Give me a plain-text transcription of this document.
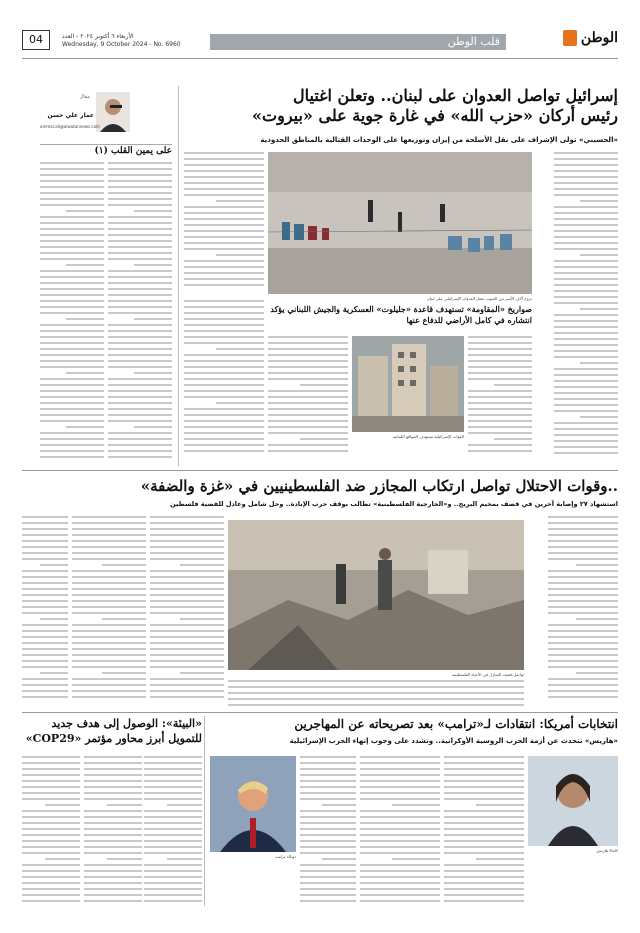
الوطن
قلب الوطن
الأربعاء ٦ أكتوبر ٢٠٢٤ - العدد
Wednesday, 9 October 2024 - No. 6960
04
إسرائيل تواصل العدوان على لبنان.. وتعلن اغتيال
رئيس أركان «حزب الله» في غارة جوية على «بيروت»
«الحسيني» تولى الإشراف على نقل الأسلحة من إيران وتوزيعها على الوحدات القتالية بالمناطق الحدودية
مقال
عمار علي حسن
ammar.ali@alwatannews.com
على يمين القلب (١)
نزوح آلاف الأسر من الجنوب بفعل العدوان الإسرائيلي على لبنان
صواريخ «المقاومة» تستهدف قاعدة «جليلوت» العسكرية والجيش اللبناني يؤكد انتشاره في كامل الأراضي للدفاع عنها
القوات الإسرائيلية تستهدف المواقع اللبنانية
..وقوات الاحتلال تواصل ارتكاب المجازر ضد الفلسطينيين في «غزة والضفة»
استشهاد ٢٧ وإصابة آخرين في قصف بمخيم البريج.. و«الخارجية الفلسطينية» تطالب بوقف حرب الإبادة.. وحل شامل وعادل للقضية فلسطين
تواصل قصف المنازل في الأحياء الفلسطينية
انتخابات أمريكا: انتقادات لـ«ترامب» بعد تصريحاته عن المهاجرين
«هاريس» تتحدث عن أزمة الحرب الروسية الأوكرانية.. وتشدد على وجوب إنهاء الحرب الإسرائيلية
كامالا هاريس
دونالد ترامب
«البيئة»: الوصول إلى هدف جديد
للتمويل أبرز محاور مؤتمر «COP29»
